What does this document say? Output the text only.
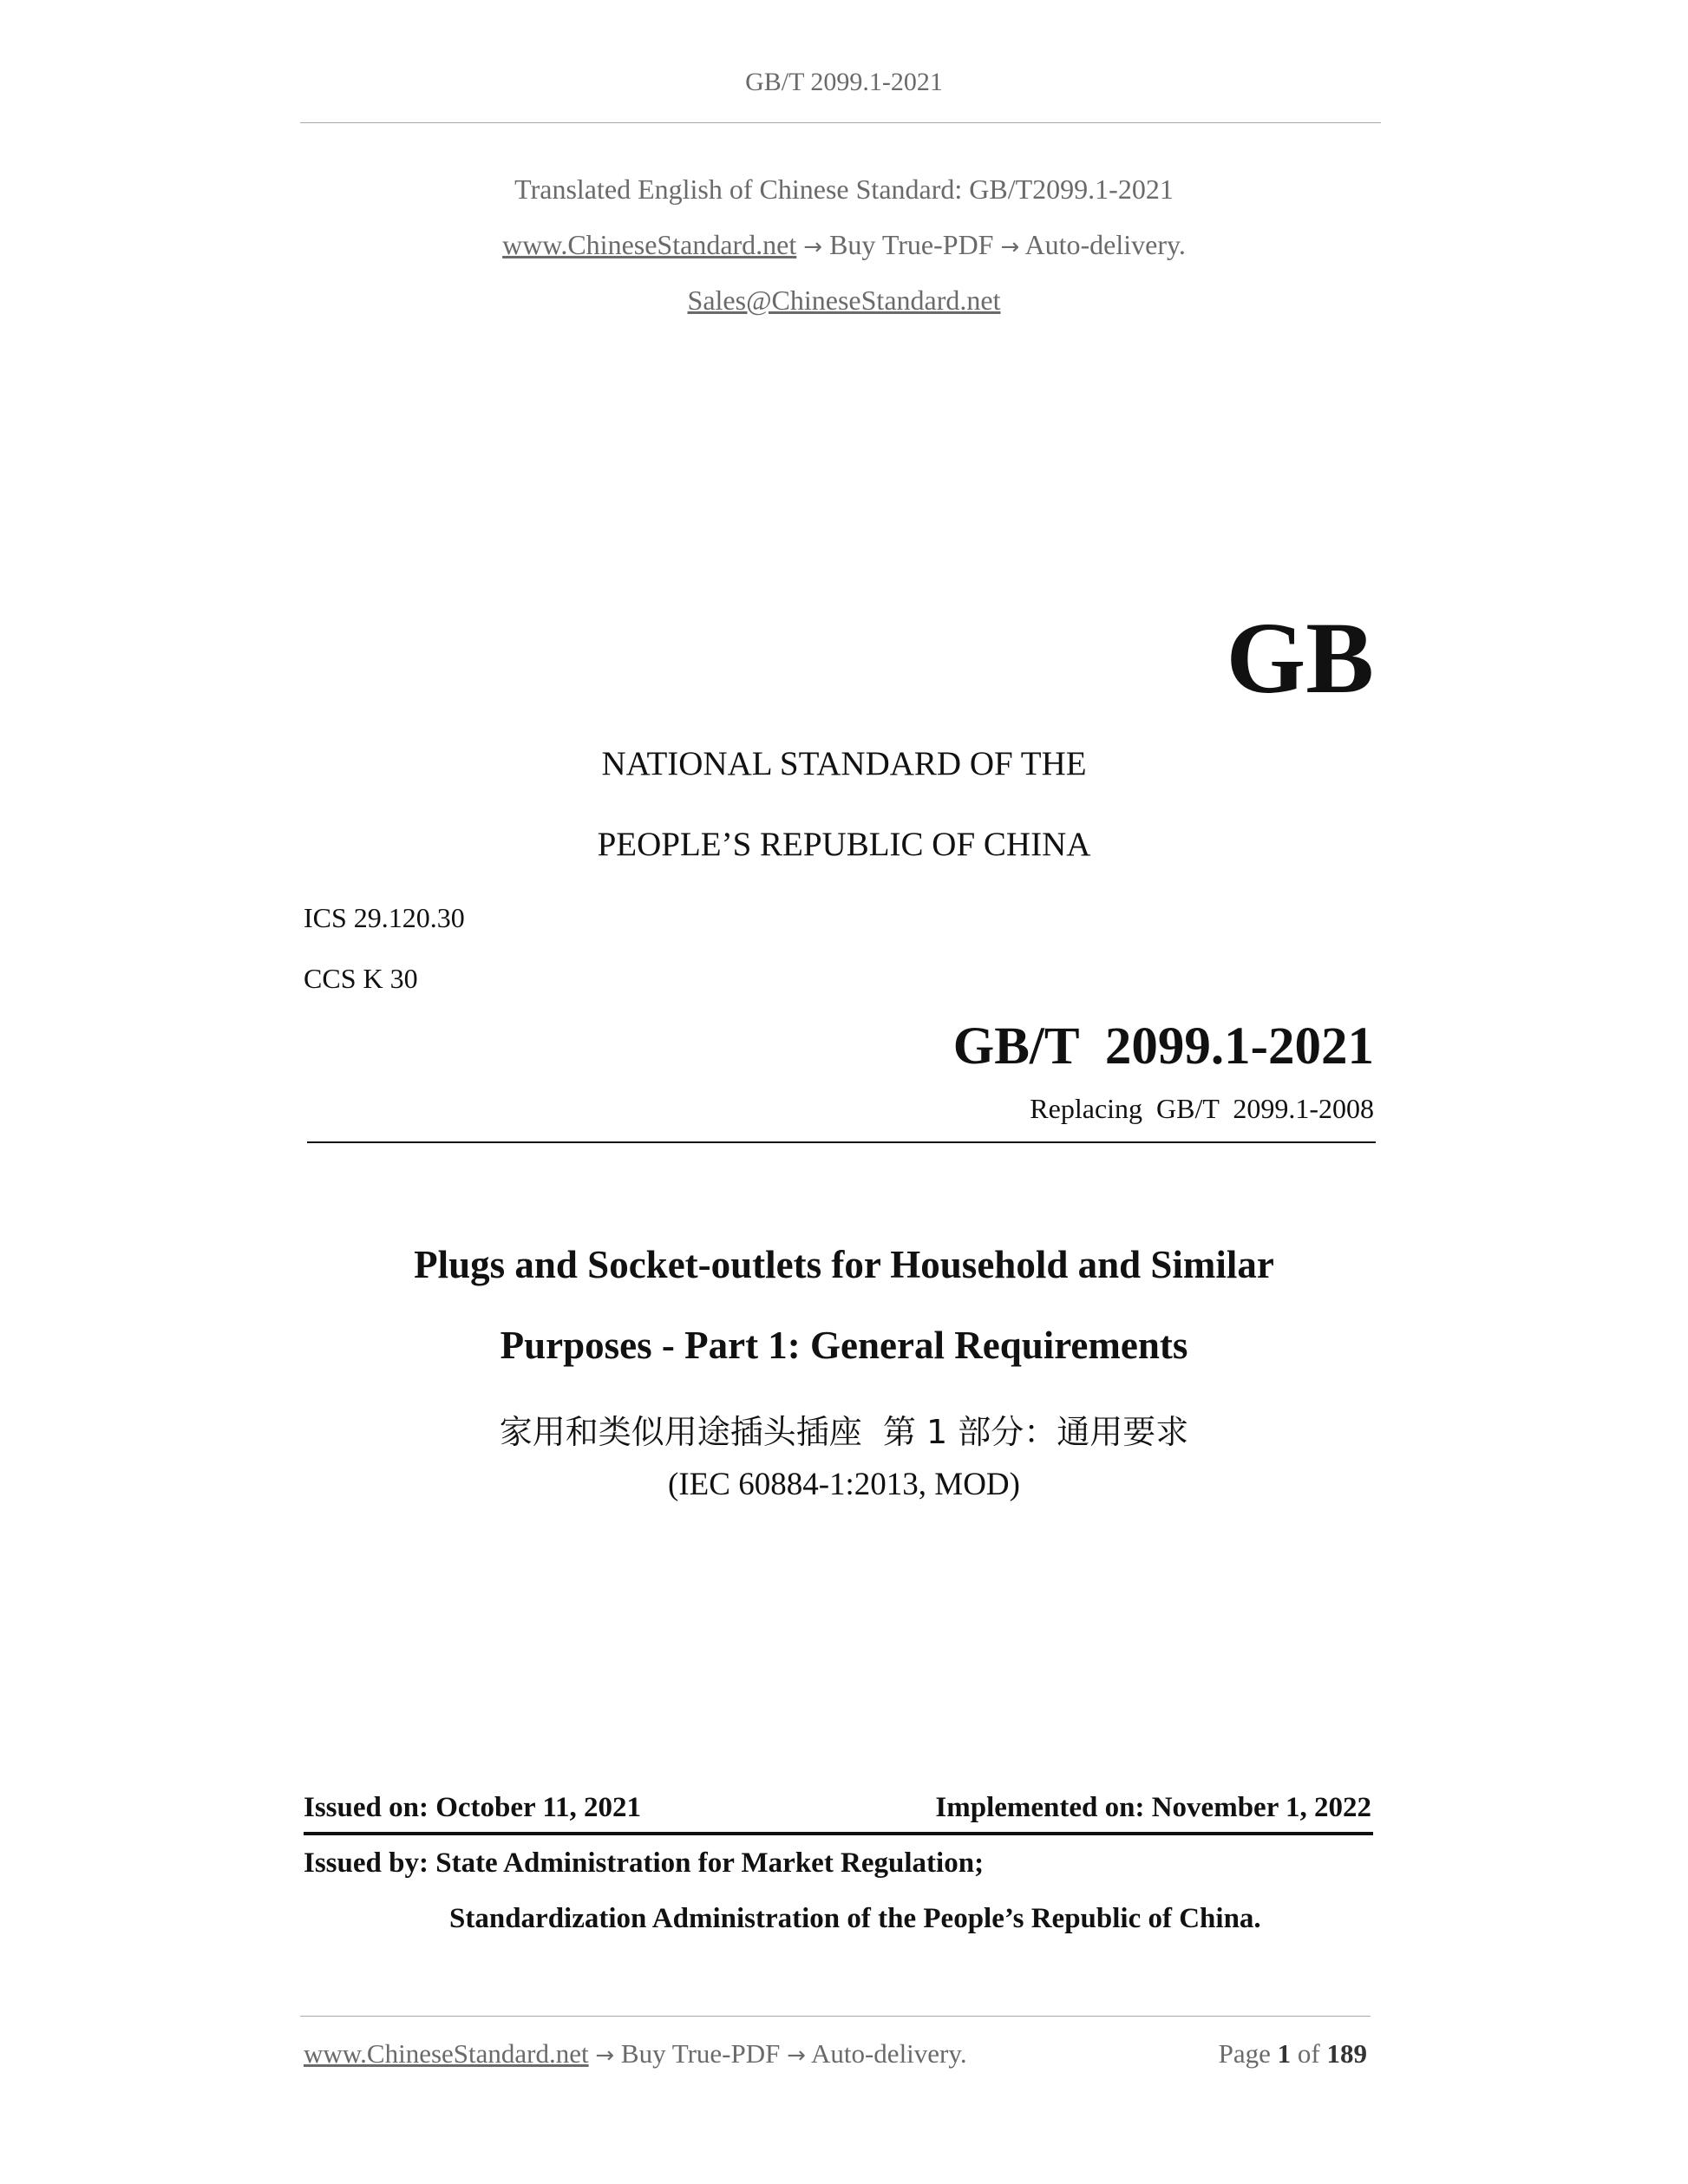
GB/T 2099.1-2021
Translated English of Chinese Standard: GB/T2099.1-2021
www.ChineseStandard.net → Buy True-PDF → Auto-delivery.
Sales@ChineseStandard.net
GB
NATIONAL STANDARD OF THE
PEOPLE’S REPUBLIC OF CHINA
ICS 29.120.30
CCS K 30
GB/T  2099.1-2021
Replacing  GB/T  2099.1-2008
Plugs and Socket-outlets for Household and Similar
Purposes - Part 1: General Requirements
家用和类似用途插头插座  第 1 部分：通用要求
(IEC 60884-1:2013, MOD)
Issued on: October 11, 2021	Implemented on: November 1, 2022
Issued by: State Administration for Market Regulation;
Standardization Administration of the People’s Republic of China.
www.ChineseStandard.net → Buy True-PDF → Auto-delivery.	Page 1 of 189
